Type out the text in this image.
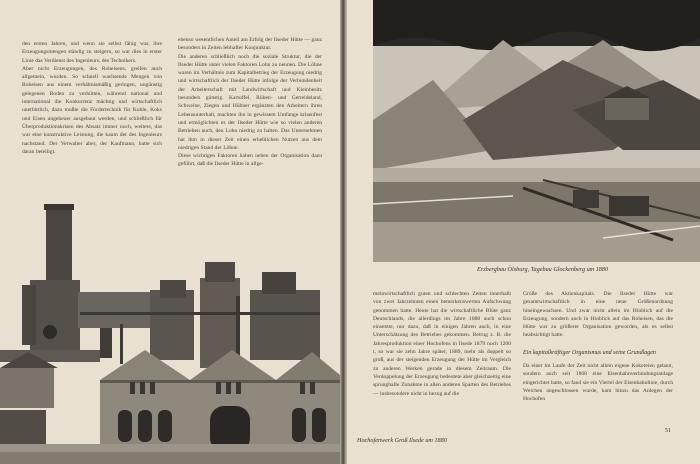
den ersten Jahren, und wenn sie selbst fähig war, ihre Erzeugungsmengen ständig zu steigern, so war dies in erster Linie das Verdienst des Ingenieurs, des Technikers.
Aber nicht Erzeugungen, des Roheisens, greifen auch allgemein, wurden. So schnell wachsende Mengen von Roheisen aus einem verhältnismäßig geringen, ungünstig gelegenen Boden zu verhütten, während national und international die Konkurrenz mächtig und wirtschaftlich unerbittlich, dazu mußte die Fördertechnik für Kohle, Koks und Eisen ungeheuer ausgebaut werden, und schließlich für Überproduktionskrisen des Absatz immer noch, weitere, das war eine konstruktive Leistung, die kaum der des Ingenieurs nachstand. Der Verwalter aber, der Kaufmann, hatte sich daran beteiligt.
ebenso wesentlichen Anteil am Erfolg der Ilseder Hütte — ganz besonders in Zeiten lebhafter Konjunktur.
Die anderen schließlich noch die soziale Struktur, die der Ilseder Hütte unter vielen Faktoren Lohn zu nennen. Die Löhne waren im Verhältnis zum Kapitalbetrieg der Erzeugung niedrig und wirtschaftlich der Ilseder Hütte infolge der Verbundenheit der Arbeiterschaft mit Landwirtschaft und Kleinbesitz besonders günstig. Kartoffel, Rüben- und Getreideland, Schweine, Ziegen und Hühner ergänzten den Arbeitern ihren Lebensunterhalt, machten ihn in gewissem Umfange krisenfest und ermöglichten es der Ilseder Hütte wie so vielen anderen Betrieben auch, den Lohn niedrig zu halten. Das Unternehmen hat ihm in dieser Zeit einen erheblichen Nutzen aus dem niedrigen Stand der Löhne.
Diese wichtigen Faktoren haben neben der Organisation dazu geführt, daß die Ilseder Hütte in allge-
Erzbergbau Ölsburg, Tagebau Glockenberg um 1880
meinwirtschaftlich guten und schlechten Zeiten innerhalb von zwei Jahrzehnten einen bemerkenswerten Aufschwung genommen hatte. Heute hat die wirtschaftliche Blüte ganz Deutschlands, die allerdings im Jahre 1880 auch schon einsetzte, nur dazu, daß in einigen Jahren auch, in eine Unterschätzung des Betriebes gekommen. Betrug z. B. die Jahresproduktion einer Hochofens in Ilsede 1879 noch 1200 t, so war sie zehn Jahre später, 1889, mehr als doppelt so groß, aus der steigenden Erzeugung der Hütte im Vergleich zu anderen Werken gerade in diesem Zeitraum. Die Verdoppelung der Erzeugung bedeutete aber gleichzeitig eine sprunghafte Zunahme in allen anderen Sparten des Betriebes — insbesondere nicht in bezug auf die
Größe des Aktienkapitals. Die Ilseder Hütte war gesamtwirtschaftlich in eine neue Größenordnung hineingewachsen. Und zwar nicht allein im Hinblick auf die Erzeugung, sondern auch in Hinblick auf das Roheisen, das die Hütte war zu größerer Organisation geworden, als es selbst beabsichtigt hatte.
Ein kapitalkräftiger Organismus und seine Grundlagen
Da einer im Laufe der Zeit nicht allein eigene Kokereien gebaut, sondern auch seit 1868 eine Eisenbahnverbindungsanlage eingerichtet hatte, so fand sie ein Viertel der Eisenbahnlinie, durch Weichen angeschlossen wurde, kam hinzu das Anlegen der Hochofen
51
Hochofenwerk Groß Ilsede um 1880
